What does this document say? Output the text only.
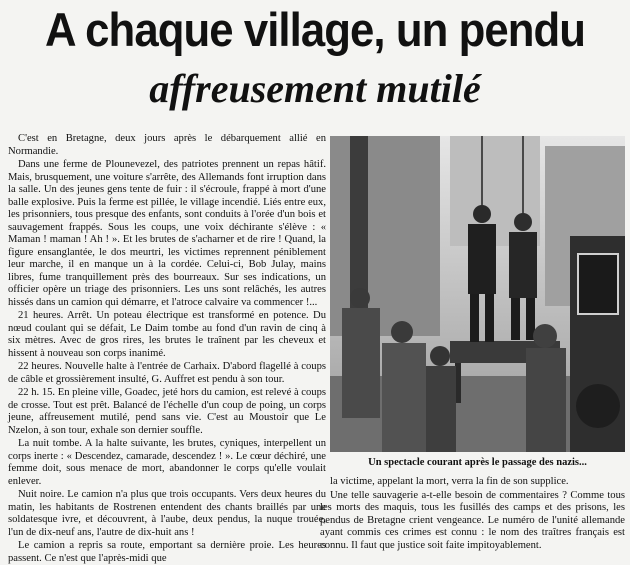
A chaque village, un pendu
affreusement mutilé

C'est en Bretagne, deux jours après le débarquement allié en Normandie.

Dans une ferme de Plounevezel, des patriotes prennent un repas hâtif. Mais, brusquement, une voiture s'arrête, des Allemands font irruption dans la salle. Un des jeunes gens tente de fuir : il s'écroule, frappé à mort d'une balle explosive. Puis la ferme est pillée, le village incendié. Liés entre eux, les prisonniers, tous presque des enfants, sont conduits à l'orée d'un bois et sauvagement frappés. Sous les coups, une voix déchirante s'élève : « Maman ! maman ! Ah ! ». Et les brutes de s'acharner et de rire ! Quand, la figure ensanglantée, le dos meurtri, les victimes reprennent péniblement leur marche, il en manque un à la cordée. Celui-ci, Bob Julay, mains libres, fume tranquillement près des bourreaux. Sur ses indications, un officier opère un triage des prisonniers. Les uns sont relâchés, les autres hissés dans un camion qui démarre, et l'atroce calvaire va commencer !...

21 heures. Arrêt. Un poteau électrique est transformé en potence. Du nœud coulant qui se défait, Le Daim tombe au fond d'un ravin de cinq à six mètres. Avec de gros rires, les brutes le traînent par les cheveux et hissent à nouveau son corps inanimé.

22 heures. Nouvelle halte à l'entrée de Carhaix. D'abord flagellé à coups de câble et grossièrement insulté, G. Auffret est pendu à son tour.

22 h. 15. En pleine ville, Goadec, jeté hors du camion, est relevé à coups de crosse. Tout est prêt. Balancé de l'échelle d'un coup de poing, un corps jeune, affreusement mutilé, pend sans vie. C'est au Moustoir que Le Nzelon, à son tour, exhale son dernier souffle.

La nuit tombe. A la halte suivante, les brutes, cyniques, interpellent un corps inerte : « Descendez, camarade, descendez ! ». Le cœur déchiré, une femme doit, sous menace de mort, abandonner le corps qu'elle voulait enlever.

Nuit noire. Le camion n'a plus que trois occupants. Vers deux heures du matin, les habitants de Rostrenen entendent des chants braillés par une soldatesque ivre, et découvrent, à l'aube, deux pendus, la nuque trouée, l'un de dix-neuf ans, l'autre de dix-huit ans !

Le camion a repris sa route, emportant sa dernière proie. Les heures passent. Ce n'est que l'après-midi que

Un spectacle courant après le passage des nazis...

la victime, appelant la mort, verra la fin de son supplice.

Une telle sauvagerie a-t-elle besoin de commentaires ? Comme tous les morts des maquis, tous les fusillés des camps et des prisons, les pendus de Bretagne crient vengeance. Le numéro de l'unité allemande ayant commis ces crimes est connu : le nom des traîtres français est connu. Il faut que justice soit faite impitoyablement.
